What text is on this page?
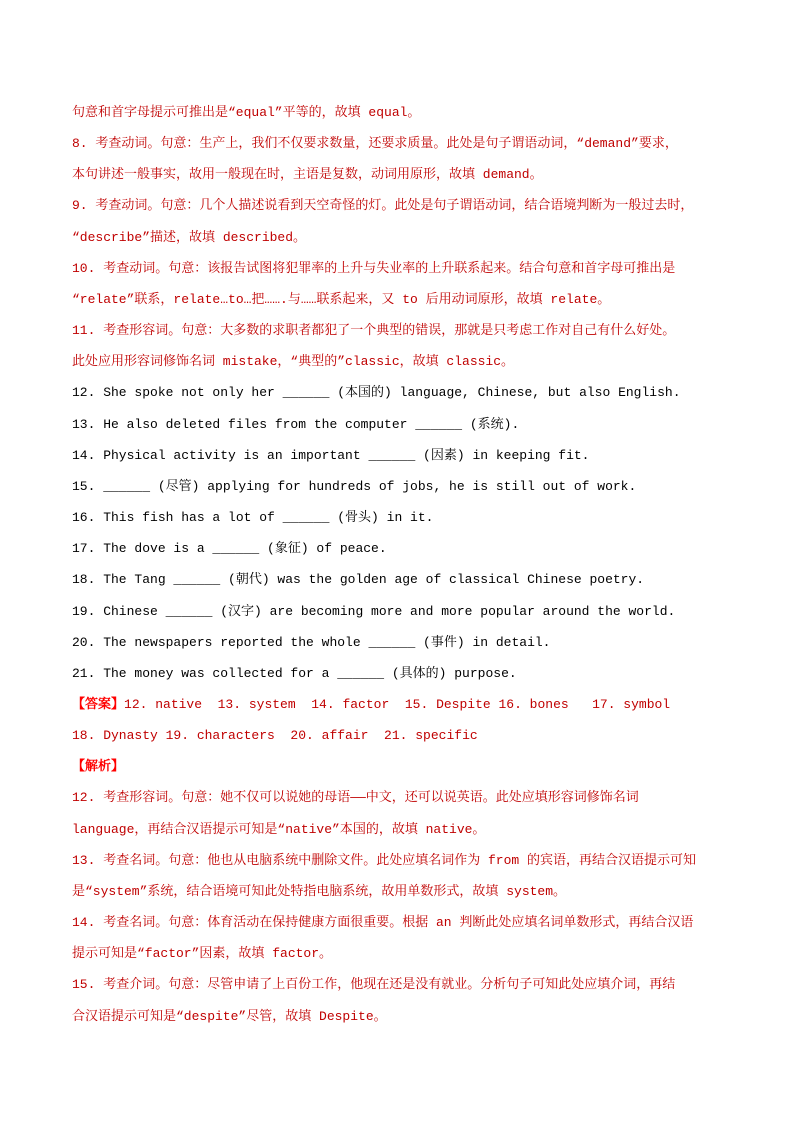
句意和首字母提示可推出是“equal”平等的，故填 equal。
8. 考查动词。句意：生产上，我们不仅要求数量，还要求质量。此处是句子谓语动词，“demand”要求，
本句讲述一般事实，故用一般现在时，主语是复数，动词用原形，故填 demand。
9. 考查动词。句意：几个人描述说看到天空奇怪的灯。此处是句子谓语动词，结合语境判断为一般过去时，
“describe”描述，故填 described。
10. 考查动词。句意：该报告试图将犯罪率的上升与失业率的上升联系起来。结合句意和首字母可推出是
“relate”联系，relate…to…把…….与……联系起来，又 to 后用动词原形，故填 relate。
11. 考查形容词。句意：大多数的求职者都犯了一个典型的错误，那就是只考虑工作对自己有什么好处。
此处应用形容词修饰名词 mistake，“典型的”classic，故填 classic。
12. She spoke not only her ______ (本国的) language, Chinese, but also English.
13. He also deleted files from the computer ______ (系统).
14. Physical activity is an important ______ (因素) in keeping fit.
15. ______ (尽管) applying for hundreds of jobs, he is still out of work.
16. This fish has a lot of ______ (骨头) in it.
17. The dove is a ______ (象征) of peace.
18. The Tang ______ (朝代) was the golden age of classical Chinese poetry.
19. Chinese ______ (汉字) are becoming more and more popular around the world.
20. The newspapers reported the whole ______ (事件) in detail.
21. The money was collected for a ______ (具体的) purpose.
【答案】12. native  13. system  14. factor  15. Despite 16. bones   17. symbol
18. Dynasty 19. characters  20. affair  21. specific
【解析】
12. 考查形容词。句意：她不仅可以说她的母语——中文，还可以说英语。此处应填形容词修饰名词
language，再结合汉语提示可知是“native”本国的，故填 native。
13. 考查名词。句意：他也从电脑系统中删除文件。此处应填名词作为 from 的宾语，再结合汉语提示可知
是“system”系统，结合语境可知此处特指电脑系统，故用单数形式，故填 system。
14. 考查名词。句意：体育活动在保持健康方面很重要。根据 an 判断此处应填名词单数形式，再结合汉语
提示可知是“factor”因素，故填 factor。
15. 考查介词。句意：尽管申请了上百份工作，他现在还是没有就业。分析句子可知此处应填介词，再结
合汉语提示可知是“despite”尽管，故填 Despite。
